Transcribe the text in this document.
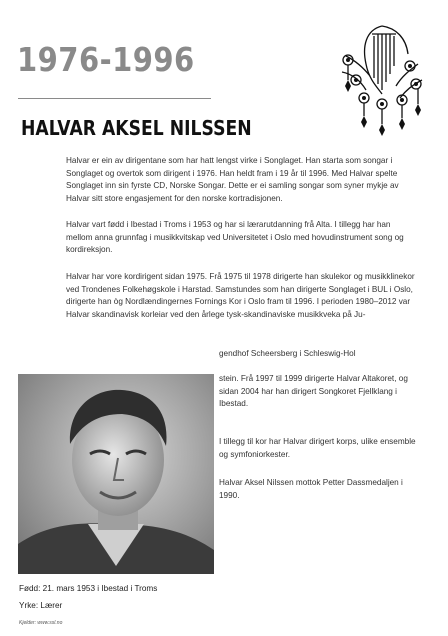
1976-1996
HALVAR AKSEL NILSSEN

Halvar er ein av dirigentane som har hatt lengst virke i Songlaget. Han starta som songar i Songlaget og overtok som dirigent i 1976. Han heldt fram i 19 år til 1996. Med Halvar spelte Songlaget inn sin fyrste CD, Norske Songar. Dette er ei samling songar som syner mykje av Halvar sitt store engasjement for den norske kortradisjonen.

Halvar vart fødd i Ibestad i Troms i 1953 og har si lærarutdanning frå Alta. I tillegg har han mellom anna grunnfag i musikkvitskap ved Universitetet i Oslo med hovudinstrument song og kordireksjon.

Halvar har vore kordirigent sidan 1975. Frå 1975 til 1978 dirigerte han skulekor og musikklinekor ved Trondenes Folkehøgskole i Harstad. Samstundes som han dirigerte Songlaget i BUL i Oslo, dirigerte han òg Nordlændingernes Fornings Kor i Oslo fram til 1996. I perioden 1980–2012 var Halvar skandinavisk korleiar ved den årlege tysk-skandinaviske musikkveka på Ju-

gendhof Scheersberg i Schleswig-Hol

stein. Frå 1997 til 1999 dirigerte Halvar Altakoret, og sidan 2004 har han dirigert Songkoret Fjellklang i Ibestad.

I tillegg til kor har Halvar dirigert korps, ulike ensemble og symfoniorkester.

Halvar Aksel Nilssen mottok Petter Dassmedaljen i 1990.

Fødd: 21. mars 1953 i Ibestad i Troms
Yrke: Lærer
Kjelder: www.ssl.no
